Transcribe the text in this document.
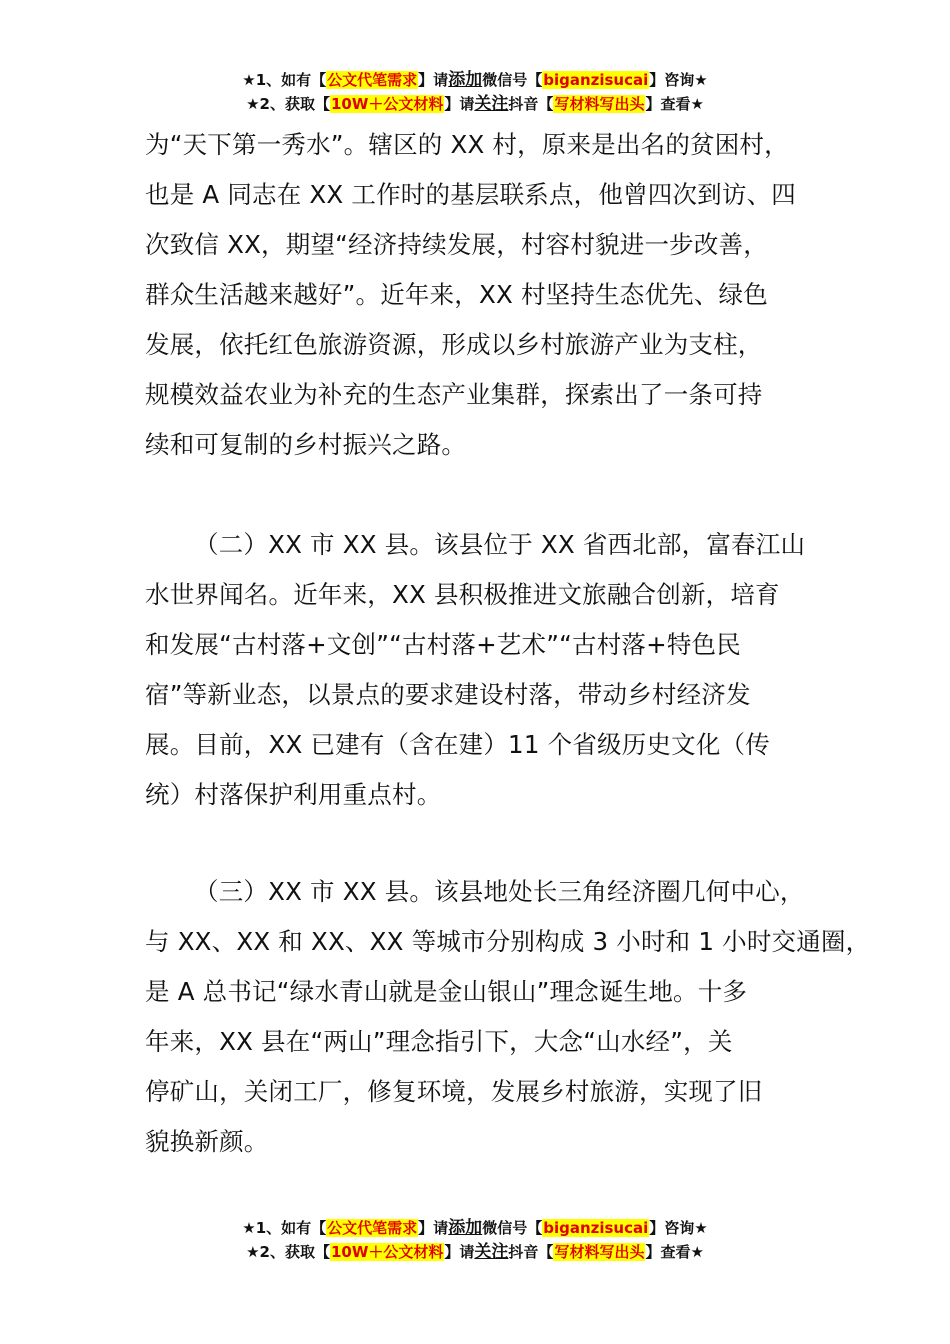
★1、如有【公文代笔需求】请添加微信号【biganzisucai】咨询★
★2、获取【10W＋公文材料】请关注抖音【写材料写出头】查看★
为“天下第一秀水”。辖区的 XX 村，原来是出名的贫困村，
也是 A 同志在 XX 工作时的基层联系点，他曾四次到访、四
次致信 XX，期望“经济持续发展，村容村貌进一步改善，
群众生活越来越好”。近年来，XX 村坚持生态优先、绿色
发展，依托红色旅游资源，形成以乡村旅游产业为支柱，
规模效益农业为补充的生态产业集群，探索出了一条可持
续和可复制的乡村振兴之路。
（二）XX 市 XX 县。该县位于 XX 省西北部，富春江山
水世界闻名。近年来，XX 县积极推进文旅融合创新，培育
和发展“古村落+文创”“古村落+艺术”“古村落+特色民
宿”等新业态，以景点的要求建设村落，带动乡村经济发
展。目前，XX 已建有（含在建）11 个省级历史文化（传
统）村落保护利用重点村。
（三）XX 市 XX 县。该县地处长三角经济圈几何中心，
与 XX、XX 和 XX、XX 等城市分别构成 3 小时和 1 小时交通圈，
是 A 总书记“绿水青山就是金山银山”理念诞生地。十多
年来，XX 县在“两山”理念指引下，大念“山水经”，关
停矿山，关闭工厂，修复环境，发展乡村旅游，实现了旧
貌换新颜。
★1、如有【公文代笔需求】请添加微信号【biganzisucai】咨询★
★2、获取【10W＋公文材料】请关注抖音【写材料写出头】查看★
